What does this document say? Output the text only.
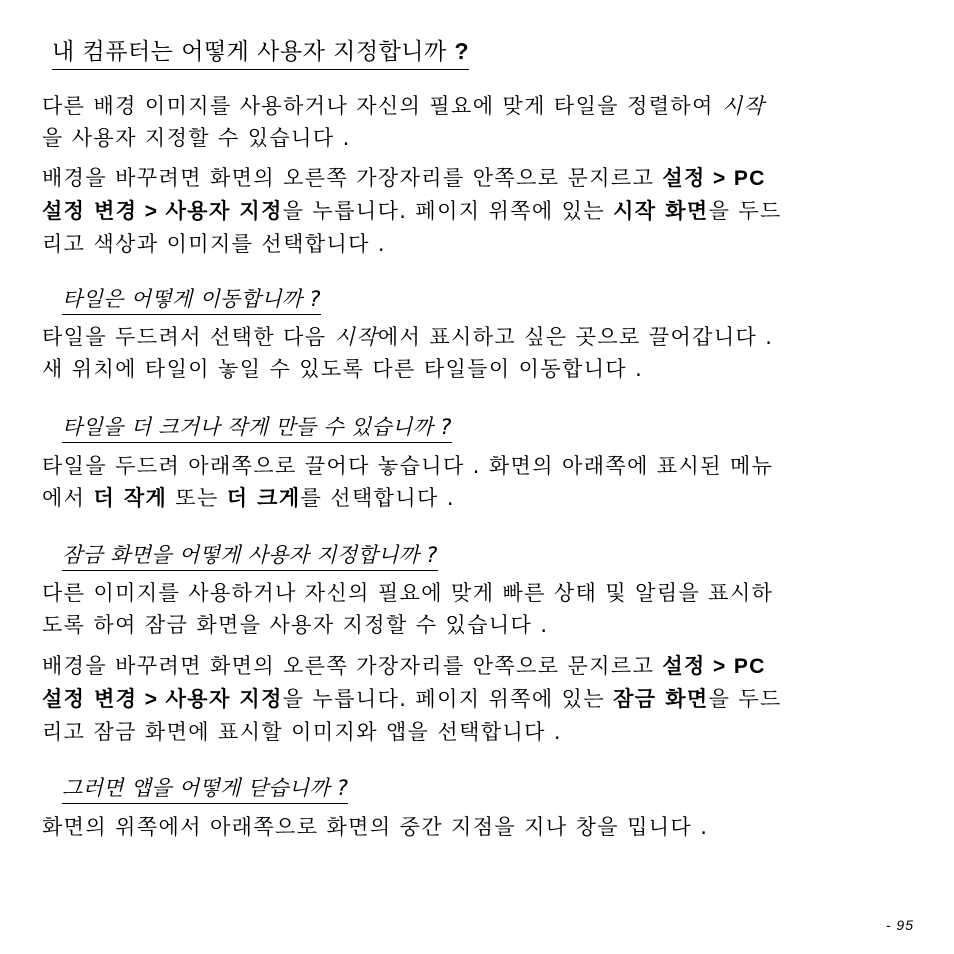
내 컴퓨터는 어떻게 사용자 지정합니까 ?

다른 배경 이미지를 사용하거나 자신의 필요에 맞게 타일을 정렬하여 시작
을 사용자 지정할 수 있습니다 .

배경을 바꾸려면 화면의 오른쪽 가장자리를 안쪽으로 문지르고 설정 > PC
설정 변경 > 사용자 지정을 누릅니다. 페이지 위쪽에 있는 시작 화면을 두드
리고 색상과 이미지를 선택합니다 .

타일은 어떻게 이동합니까 ?

타일을 두드려서 선택한 다음 시작에서 표시하고 싶은 곳으로 끌어갑니다 .
새 위치에 타일이 놓일 수 있도록 다른 타일들이 이동합니다 .

타일을 더 크거나 작게 만들 수 있습니까 ?

타일을 두드려 아래쪽으로 끌어다 놓습니다 . 화면의 아래쪽에 표시된 메뉴
에서 더 작게 또는 더 크게를 선택합니다 .

잠금 화면을 어떻게 사용자 지정합니까 ?

다른 이미지를 사용하거나 자신의 필요에 맞게 빠른 상태 및 알림을 표시하
도록 하여 잠금 화면을 사용자 지정할 수 있습니다 .

배경을 바꾸려면 화면의 오른쪽 가장자리를 안쪽으로 문지르고 설정 > PC
설정 변경 > 사용자 지정을 누릅니다. 페이지 위쪽에 있는 잠금 화면을 두드
리고 잠금 화면에 표시할 이미지와 앱을 선택합니다 .

그러면 앱을 어떻게 닫습니까 ?

화면의 위쪽에서 아래쪽으로 화면의 중간 지점을 지나 창을 밉니다 .

- 95
